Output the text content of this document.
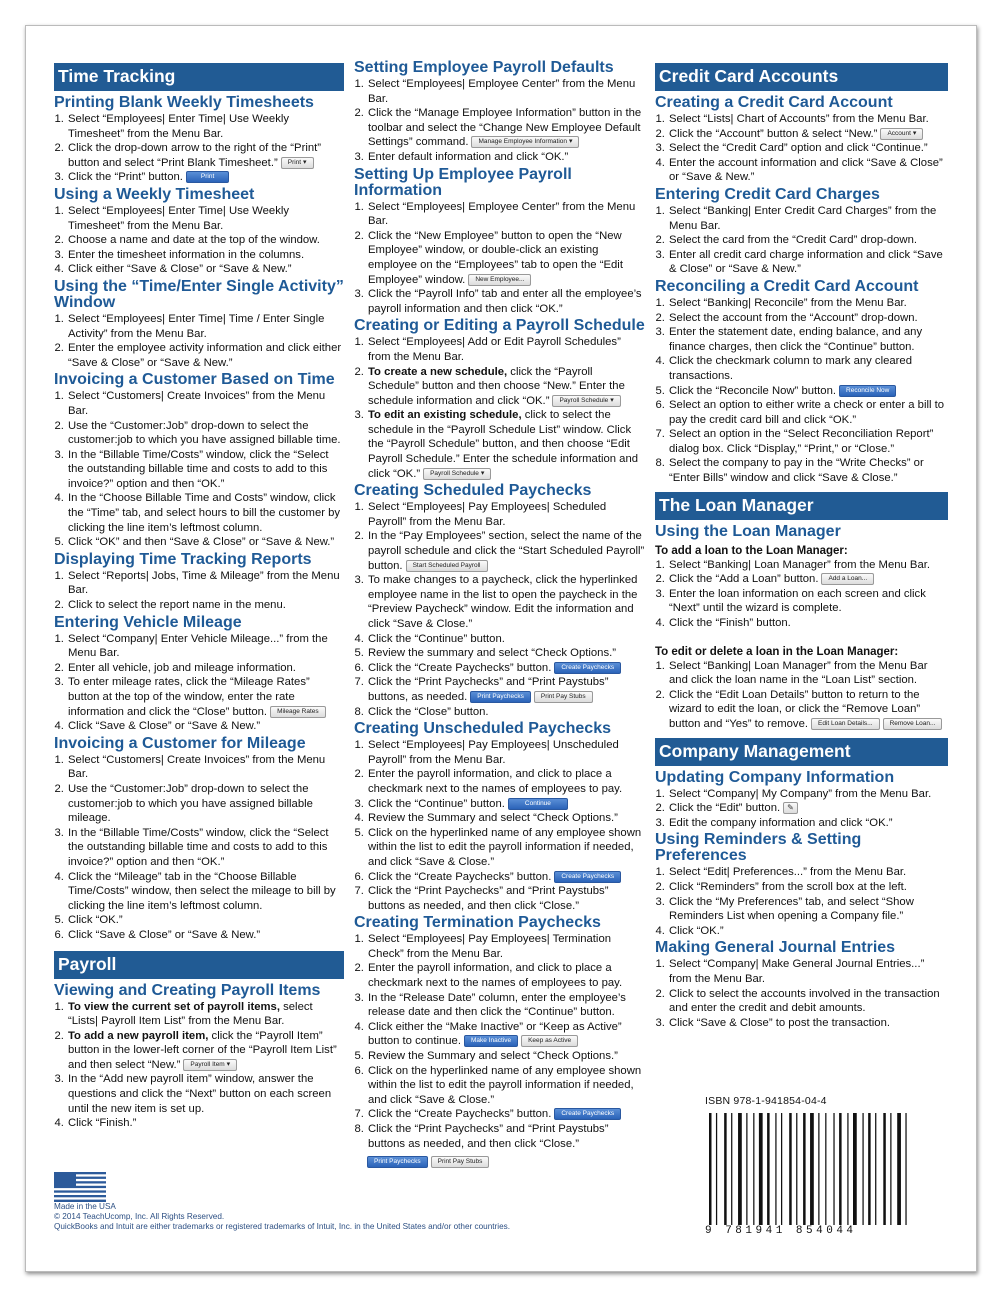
Time Tracking
Printing Blank Weekly Timesheets
1. Select “Employees| Enter Time| Use Weekly Timesheet” from the Menu Bar.
2. Click the drop-down arrow to the right of the “Print” button and select “Print Blank Timesheet.” Print ▾
3. Click the “Print” button.	Print
Using a Weekly Timesheet
1. Select “Employees| Enter Time| Use Weekly Timesheet” from the Menu Bar.
2. Choose a name and date at the top of the window.
3. Enter the timesheet information in the columns.
4. Click either “Save & Close” or “Save & New.”
Using the “Time/Enter Single Activity” Window
1. Select “Employees| Enter Time| Time / Enter Single Activity” from the Menu Bar.
2. Enter the employee activity information and click either “Save & Close” or “Save & New.”
Invoicing a Customer Based on Time
1. Select “Customers| Create Invoices” from the Menu Bar.
2. Use the “Customer:Job” drop-down to select the customer:job to which you have assigned billable time.
3. In the “Billable Time/Costs” window, click the “Select the outstanding billable time and costs to add to this invoice?” option and then “OK.”
4. In the “Choose Billable Time and Costs” window, click the “Time” tab, and select hours to bill the customer by clicking the line item’s leftmost column.
5. Click “OK” and then “Save & Close” or “Save & New.”
Displaying Time Tracking Reports
1. Select “Reports| Jobs, Time & Mileage” from the Menu Bar.
2. Click to select the report name in the menu.
Entering Vehicle Mileage
1. Select “Company| Enter Vehicle Mileage...” from the Menu Bar.
2. Enter all vehicle, job and mileage information.
3. To enter mileage rates, click the “Mileage Rates” button at the top of the window, enter the rate information and click the “Close” button. Mileage Rates
4. Click “Save & Close” or “Save & New.”
Invoicing a Customer for Mileage
1. Select “Customers| Create Invoices” from the Menu Bar.
2. Use the “Customer:Job” drop-down to select the customer:job to which you have assigned billable mileage.
3. In the “Billable Time/Costs” window, click the “Select the outstanding billable time and costs to add to this invoice?” option and then “OK.”
4. Click the “Mileage” tab in the “Choose Billable Time/Costs” window, then select the mileage to bill by clicking the line item’s leftmost column.
5. Click “OK.”
6. Click “Save & Close” or “Save & New.”
Payroll
Viewing and Creating Payroll Items
1. To view the current set of payroll items, select “Lists| Payroll Item List” from the Menu Bar.
2. To add a new payroll item, click the “Payroll Item” button in the lower-left corner of the “Payroll Item List” and then select “New.” Payroll Item ▾
3. In the “Add new payroll item” window, answer the questions and click the “Next” button on each screen until the new item is set up.
4. Click “Finish.”
Setting Employee Payroll Defaults
1. Select “Employees| Employee Center” from the Menu Bar.
2. Click the “Manage Employee Information” button in the toolbar and select the “Change New Employee Default Settings” command. Manage Employee Information ▾
3. Enter default information and click “OK.”
Setting Up Employee Payroll Information
1. Select “Employees| Employee Center” from the Menu Bar.
2. Click the “New Employee” button to open the “New Employee” window, or double-click an existing employee on the “Employees” tab to open the “Edit Employee” window. New Employee...
3. Click the “Payroll Info” tab and enter all the employee’s payroll information and then click “OK.”
Creating or Editing a Payroll Schedule
1. Select “Employees| Add or Edit Payroll Schedules” from the Menu Bar.
2. To create a new schedule, click the “Payroll Schedule” button and then choose “New.” Enter the schedule information and click “OK.” Payroll Schedule ▾
3. To edit an existing schedule, click to select the schedule in the “Payroll Schedule List” window. Click the “Payroll Schedule” button, and then choose “Edit Payroll Schedule.” Enter the schedule information and click “OK.” Payroll Schedule ▾
Creating Scheduled Paychecks
1. Select “Employees| Pay Employees| Scheduled Payroll” from the Menu Bar.
2. In the “Pay Employees” section, select the name of the payroll schedule and click the “Start Scheduled Payroll” button. Start Scheduled Payroll
3. To make changes to a paycheck, click the hyperlinked employee name in the list to open the paycheck in the “Preview Paycheck” window. Edit the information and click “Save & Close.”
4. Click the “Continue” button.
5. Review the summary and select “Check Options.”
6. Click the “Create Paychecks” button. Create Paychecks
7. Click the “Print Paychecks” and “Print Paystubs” buttons, as needed. Print Paychecks	Print Pay Stubs
8. Click the “Close” button.
Creating Unscheduled Paychecks
1. Select “Employees| Pay Employees| Unscheduled Payroll” from the Menu Bar.
2. Enter the payroll information, and click to place a checkmark next to the names of employees to pay.
3. Click the “Continue” button.	Continue
4. Review the Summary and select “Check Options.”
5. Click on the hyperlinked name of any employee shown within the list to edit the payroll information if needed, and click “Save & Close.”
6. Click the “Create Paychecks” button. Create Paychecks
7. Click the “Print Paychecks” and “Print Paystubs” buttons as needed, and then click “Close.”
Creating Termination Paychecks
1. Select “Employees| Pay Employees| Termination Check” from the Menu Bar.
2. Enter the payroll information, and click to place a checkmark next to the names of employees to pay.
3. In the “Release Date” column, enter the employee’s release date and then click the “Continue” button.
4. Click either the “Make Inactive” or “Keep as Active” button to continue. Make Inactive	Keep as Active
5. Review the Summary and select “Check Options.”
6. Click on the hyperlinked name of any employee shown within the list to edit the payroll information if needed, and click “Save & Close.”
7. Click the “Create Paychecks” button. Create Paychecks
8. Click the “Print Paychecks” and “Print Paystubs” buttons as needed, and then click “Close.”
Print Paychecks	Print Pay Stubs
Credit Card Accounts
Creating a Credit Card Account
1. Select “Lists| Chart of Accounts” from the Menu Bar.
2. Click the “Account” button & select “New.” Account ▾
3. Select the “Credit Card” option and click “Continue.”
4. Enter the account information and click “Save & Close” or “Save & New.”
Entering Credit Card Charges
1. Select “Banking| Enter Credit Card Charges” from the Menu Bar.
2. Select the card from the “Credit Card” drop-down.
3. Enter all credit card charge information and click “Save & Close” or “Save & New.”
Reconciling a Credit Card Account
1. Select “Banking| Reconcile” from the Menu Bar.
2. Select the account from the “Account” drop-down.
3. Enter the statement date, ending balance, and any finance charges, then click the “Continue” button.
4. Click the checkmark column to mark any cleared transactions.
5. Click the “Reconcile Now” button. Reconcile Now
6. Select an option to either write a check or enter a bill to pay the credit card bill and click “OK.”
7. Select an option in the “Select Reconciliation Report” dialog box. Click “Display,” “Print,” or “Close.”
8. Select the company to pay in the “Write Checks” or “Enter Bills” window and click “Save & Close.”
The Loan Manager
Using the Loan Manager
To add a loan to the Loan Manager:
1. Select “Banking| Loan Manager” from the Menu Bar.
2. Click the “Add a Loan” button. Add a Loan...
3. Enter the loan information on each screen and click “Next” until the wizard is complete.
4. Click the “Finish” button.
To edit or delete a loan in the Loan Manager:
1. Select “Banking| Loan Manager” from the Menu Bar and click the loan name in the “Loan List” section.
2. Click the “Edit Loan Details” button to return to the wizard to edit the loan, or click the “Remove Loan” button and “Yes” to remove. Edit Loan Details...	Remove Loan...
Company Management
Updating Company Information
1. Select “Company| My Company” from the Menu Bar.
2. Click the “Edit” button. ✎
3. Edit the company information and click “OK.”
Using Reminders & Setting Preferences
1. Select “Edit| Preferences...” from the Menu Bar.
2. Click “Reminders” from the scroll box at the left.
3. Click the “My Preferences” tab, and select “Show Reminders List when opening a Company file.”
4. Click “OK.”
Making General Journal Entries
1. Select “Company| Make General Journal Entries...” from the Menu Bar.
2. Click to select the accounts involved in the transaction and enter the credit and debit amounts.
3. Click “Save & Close” to post the transaction.
Made in the USA
© 2014 TeachUcomp, Inc. All Rights Reserved.
QuickBooks and Intuit are either trademarks or registered trademarks of Intuit, Inc. in the United States and/or other countries.
ISBN 978-1-941854-04-4
9 781941 854044
